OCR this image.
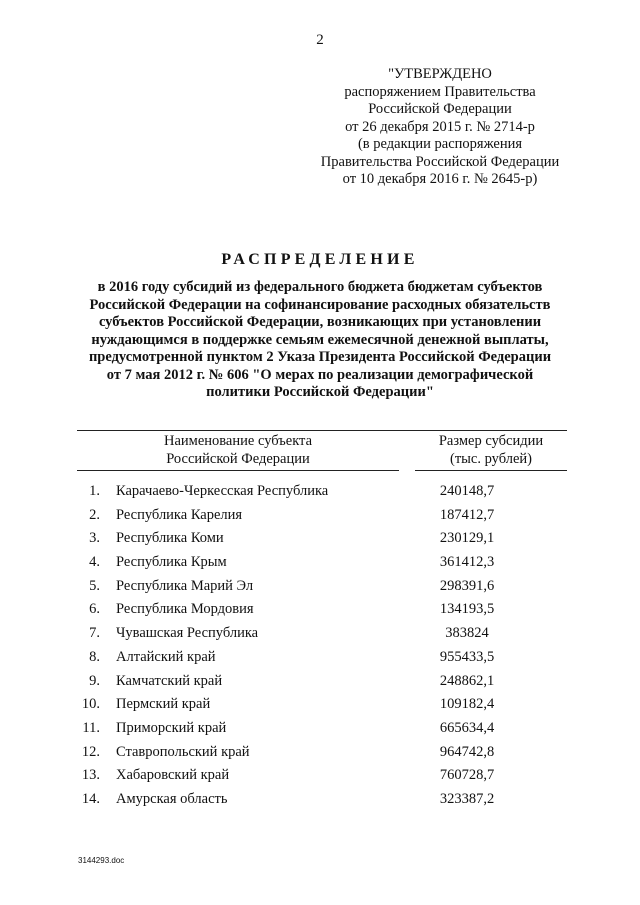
2
"УТВЕРЖДЕНО
распоряжением Правительства
Российской Федерации
от 26 декабря 2015 г. № 2714-р
(в редакции распоряжения
Правительства Российской Федерации
от 10 декабря 2016 г. № 2645-р)
РАСПРЕДЕЛЕНИЕ
в 2016 году субсидий из федерального бюджета бюджетам субъектов
Российской Федерации на софинансирование расходных обязательств
субъектов Российской Федерации, возникающих при установлении
нуждающимся в поддержке семьям ежемесячной денежной выплаты,
предусмотренной пунктом 2 Указа Президента Российской Федерации
от 7 мая 2012 г. № 606 "О мерах по реализации демографической
политики Российской Федерации"
Наименование субъекта
Российской Федерации
Размер субсидии
(тыс. рублей)
1. Карачаево-Черкесская Республика	240148,7
2. Республика Карелия	187412,7
3. Республика Коми	230129,1
4. Республика Крым	361412,3
5. Республика Марий Эл	298391,6
6. Республика Мордовия	134193,5
7. Чувашская Республика	383824
8. Алтайский край	955433,5
9. Камчатский край	248862,1
10. Пермский край	109182,4
11. Приморский край	665634,4
12. Ставропольский край	964742,8
13. Хабаровский край	760728,7
14. Амурская область	323387,2
3144293.doc
